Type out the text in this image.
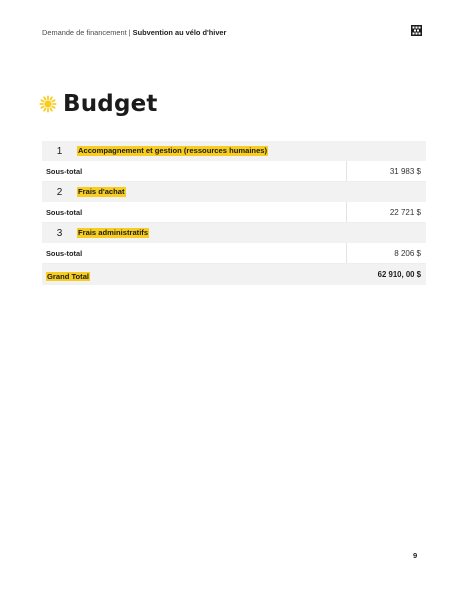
Demande de financement | Subvention au vélo d'hiver
Budget
1	Accompagnement et gestion (ressources humaines)
Sous-total	31 983 $
2	Frais d'achat
Sous-total	22 721 $
3	Frais administratifs
Sous-total	8 206 $
Grand Total	62 910, 00 $
9
